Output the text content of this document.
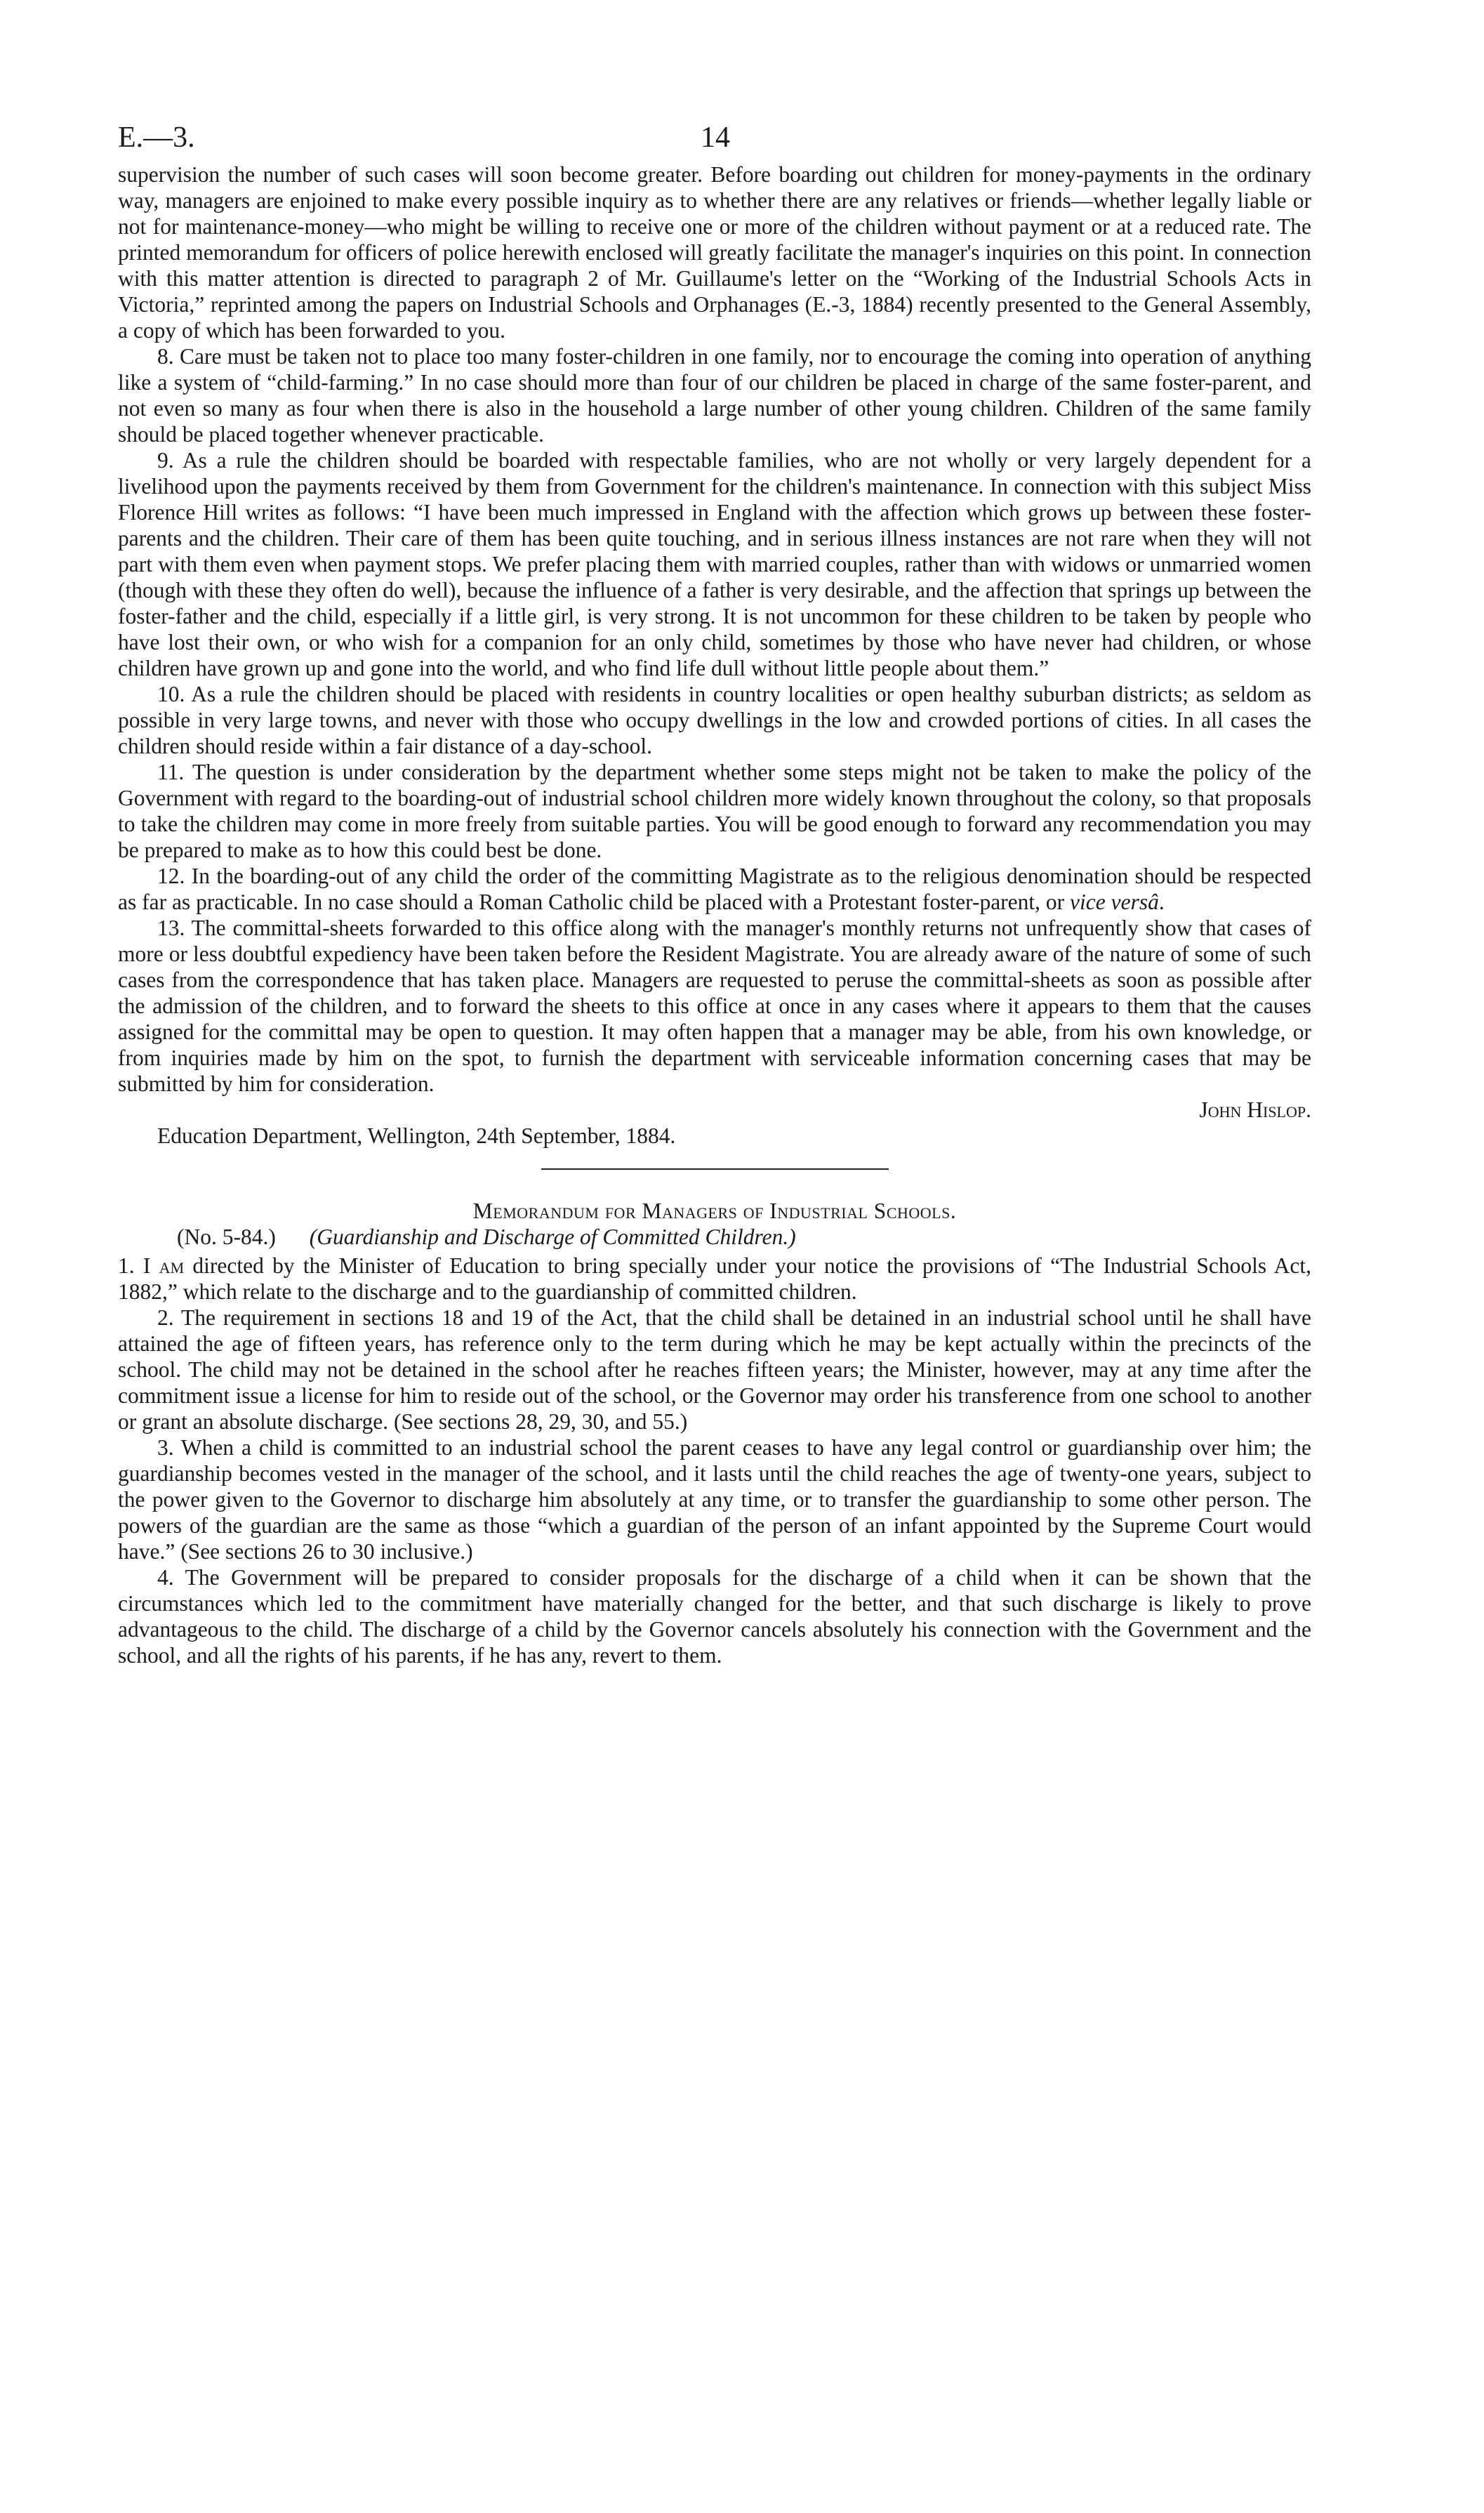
E.—3.	14

supervision the number of such cases will soon become greater. Before boarding out children for money-payments in the ordinary way, managers are enjoined to make every possible inquiry as to whether there are any relatives or friends—whether legally liable or not for maintenance-money—who might be willing to receive one or more of the children without payment or at a reduced rate. The printed memorandum for officers of police herewith enclosed will greatly facilitate the manager's inquiries on this point. In connection with this matter attention is directed to paragraph 2 of Mr. Guillaume's letter on the “Working of the Industrial Schools Acts in Victoria,” reprinted among the papers on Industrial Schools and Orphanages (E.-3, 1884) recently presented to the General Assembly, a copy of which has been forwarded to you.

8. Care must be taken not to place too many foster-children in one family, nor to encourage the coming into operation of anything like a system of “child-farming.” In no case should more than four of our children be placed in charge of the same foster-parent, and not even so many as four when there is also in the household a large number of other young children. Children of the same family should be placed together whenever practicable.

9. As a rule the children should be boarded with respectable families, who are not wholly or very largely dependent for a livelihood upon the payments received by them from Government for the children's maintenance. In connection with this subject Miss Florence Hill writes as follows: “I have been much impressed in England with the affection which grows up between these foster-parents and the children. Their care of them has been quite touching, and in serious illness instances are not rare when they will not part with them even when payment stops. We prefer placing them with married couples, rather than with widows or unmarried women (though with these they often do well), because the influence of a father is very desirable, and the affection that springs up between the foster-father and the child, especially if a little girl, is very strong. It is not uncommon for these children to be taken by people who have lost their own, or who wish for a companion for an only child, sometimes by those who have never had children, or whose children have grown up and gone into the world, and who find life dull without little people about them.”

10. As a rule the children should be placed with residents in country localities or open healthy suburban districts; as seldom as possible in very large towns, and never with those who occupy dwellings in the low and crowded portions of cities. In all cases the children should reside within a fair distance of a day-school.

11. The question is under consideration by the department whether some steps might not be taken to make the policy of the Government with regard to the boarding-out of industrial school children more widely known throughout the colony, so that proposals to take the children may come in more freely from suitable parties. You will be good enough to forward any recommendation you may be prepared to make as to how this could best be done.

12. In the boarding-out of any child the order of the committing Magistrate as to the religious denomination should be respected as far as practicable. In no case should a Roman Catholic child be placed with a Protestant foster-parent, or vice versâ.

13. The committal-sheets forwarded to this office along with the manager's monthly returns not unfrequently show that cases of more or less doubtful expediency have been taken before the Resident Magistrate. You are already aware of the nature of some of such cases from the correspondence that has taken place. Managers are requested to peruse the committal-sheets as soon as possible after the admission of the children, and to forward the sheets to this office at once in any cases where it appears to them that the causes assigned for the committal may be open to question. It may often happen that a manager may be able, from his own knowledge, or from inquiries made by him on the spot, to furnish the department with serviceable information concerning cases that may be submitted by him for consideration.

John Hislop.

Education Department, Wellington, 24th September, 1884.

Memorandum for Managers of Industrial Schools.
(No. 5-84.) (Guardianship and Discharge of Committed Children.)

1. I am directed by the Minister of Education to bring specially under your notice the provisions of “The Industrial Schools Act, 1882,” which relate to the discharge and to the guardianship of committed children.

2. The requirement in sections 18 and 19 of the Act, that the child shall be detained in an industrial school until he shall have attained the age of fifteen years, has reference only to the term during which he may be kept actually within the precincts of the school. The child may not be detained in the school after he reaches fifteen years; the Minister, however, may at any time after the commitment issue a license for him to reside out of the school, or the Governor may order his transference from one school to another or grant an absolute discharge. (See sections 28, 29, 30, and 55.)

3. When a child is committed to an industrial school the parent ceases to have any legal control or guardianship over him; the guardianship becomes vested in the manager of the school, and it lasts until the child reaches the age of twenty-one years, subject to the power given to the Governor to discharge him absolutely at any time, or to transfer the guardianship to some other person. The powers of the guardian are the same as those “which a guardian of the person of an infant appointed by the Supreme Court would have.” (See sections 26 to 30 inclusive.)

4. The Government will be prepared to consider proposals for the discharge of a child when it can be shown that the circumstances which led to the commitment have materially changed for the better, and that such discharge is likely to prove advantageous to the child. The discharge of a child by the Governor cancels absolutely his connection with the Government and the school, and all the rights of his parents, if he has any, revert to them.
